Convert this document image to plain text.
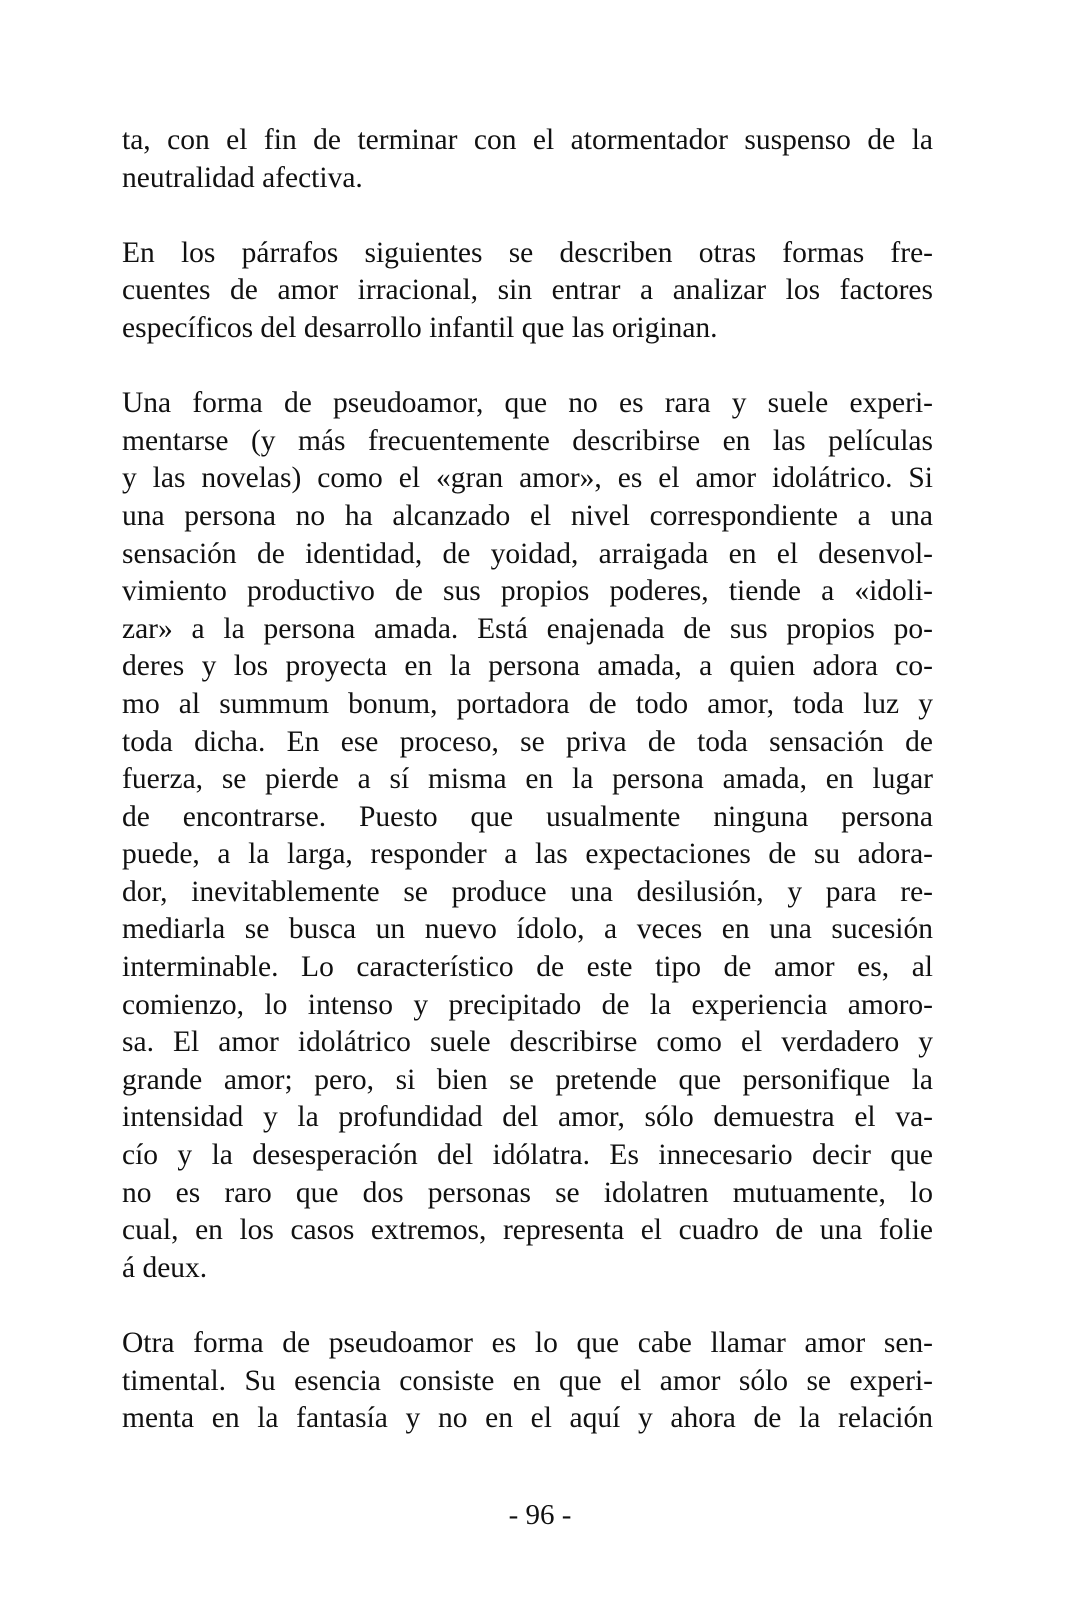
ta, con el fin de terminar con el atormentador suspenso de la
neutralidad afectiva.
En los párrafos siguientes se describen otras formas fre-
cuentes de amor irracional, sin entrar a analizar los factores
específicos del desarrollo infantil que las originan.
Una forma de pseudoamor, que no es rara y suele experi-
mentarse (y más frecuentemente describirse en las películas
y las novelas) como el «gran amor», es el amor idolátrico. Si
una persona no ha alcanzado el nivel correspondiente a una
sensación de identidad, de yoidad, arraigada en el desenvol-
vimiento productivo de sus propios poderes, tiende a «idoli-
zar» a la persona amada. Está enajenada de sus propios po-
deres y los proyecta en la persona amada, a quien adora co-
mo al summum bonum, portadora de todo amor, toda luz y
toda dicha. En ese proceso, se priva de toda sensación de
fuerza, se pierde a sí misma en la persona amada, en lugar
de encontrarse. Puesto que usualmente ninguna persona
puede, a la larga, responder a las expectaciones de su adora-
dor, inevitablemente se produce una desilusión, y para re-
mediarla se busca un nuevo ídolo, a veces en una sucesión
interminable. Lo característico de este tipo de amor es, al
comienzo, lo intenso y precipitado de la experiencia amoro-
sa. El amor idolátrico suele describirse como el verdadero y
grande amor; pero, si bien se pretende que personifique la
intensidad y la profundidad del amor, sólo demuestra el va-
cío y la desesperación del idólatra. Es innecesario decir que
no es raro que dos personas se idolatren mutuamente, lo
cual, en los casos extremos, representa el cuadro de una folie
á deux.
Otra forma de pseudoamor es lo que cabe llamar amor sen-
timental. Su esencia consiste en que el amor sólo se experi-
menta en la fantasía y no en el aquí y ahora de la relación
- 96 -
